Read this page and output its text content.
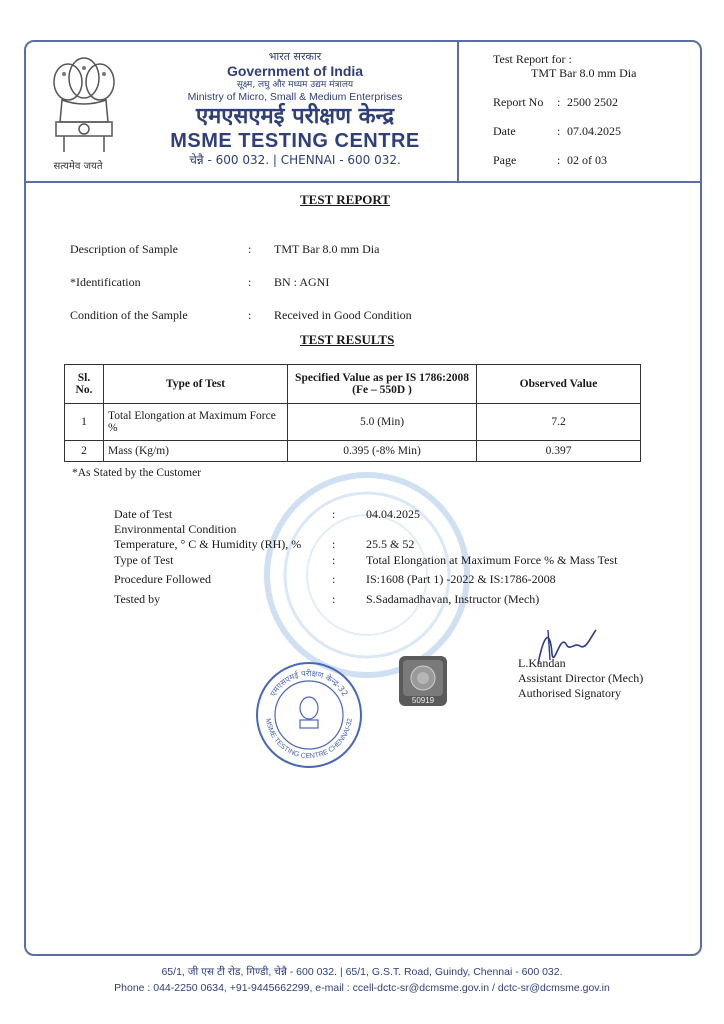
सत्यमेव जयते
भारत सरकार
Government of India
सूक्ष्म, लघु और मध्यम उद्यम मंत्रालय
Ministry of Micro, Small & Medium Enterprises
एमएसएमई परीक्षण केन्द्र
MSME TESTING CENTRE
चेन्नै - 600 032. | CHENNAI - 600 032.
Test Report for :
TMT Bar 8.0 mm Dia
Report No : 2500 2502
Date	: 07.04.2025
Page	: 02 of 03
TEST REPORT
Description of Sample	: TMT Bar 8.0 mm Dia
*Identification	: BN : AGNI
Condition of the Sample	: Received in Good Condition
TEST RESULTS
Sl. No.	Type of Test	Specified Value as per IS 1786:2008 (Fe – 550D )	Observed Value
1	Total Elongation at Maximum Force %	5.0 (Min)	7.2
2	Mass (Kg/m)	0.395 (-8% Min)	0.397
*As Stated by the Customer
Date of Test	:	04.04.2025
Environmental Condition
Temperature, ° C & Humidity (RH), %	:	25.5 & 52
Type of Test	:	Total Elongation at Maximum Force % & Mass Test
Procedure Followed	:	IS:1608 (Part 1) -2022 & IS:1786-2008
Tested by	:	S.Sadamadhavan, Instructor (Mech)
L.Kandan
Assistant Director (Mech)
Authorised Signatory
एमएसएमई परीक्षण केन्द्र-32
MSME TESTING CENTRE CHENNAI-32
50919
65/1, जी एस टी रोड, गिण्डी, चेन्नै - 600 032. | 65/1, G.S.T. Road, Guindy, Chennai - 600 032.
Phone : 044-2250 0634, +91-9445662299, e-mail : ccell-dctc-sr@dcmsme.gov.in / dctc-sr@dcmsme.gov.in
